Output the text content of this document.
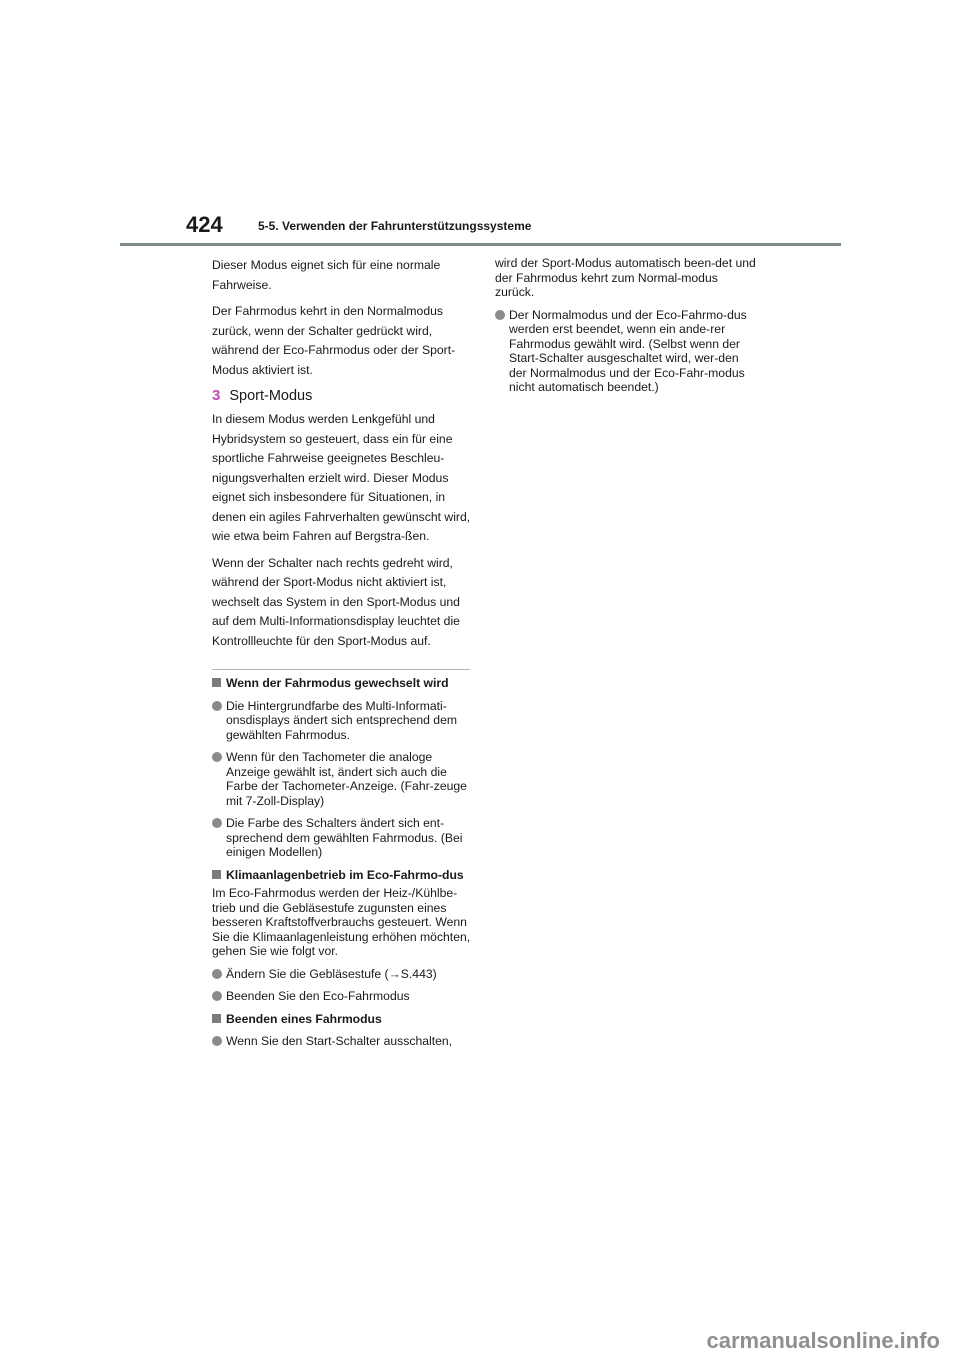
424	5-5. Verwenden der Fahrunterstützungssysteme

Dieser Modus eignet sich für eine normale Fahrweise.

Der Fahrmodus kehrt in den Normalmodus zurück, wenn der Schalter gedrückt wird, während der Eco-Fahrmodus oder der Sport-Modus aktiviert ist.

3 Sport-Modus

In diesem Modus werden Lenkgefühl und Hybridsystem so gesteuert, dass ein für eine sportliche Fahrweise geeignetes Beschleu-nigungsverhalten erzielt wird. Dieser Modus eignet sich insbesondere für Situationen, in denen ein agiles Fahrverhalten gewünscht wird, wie etwa beim Fahren auf Bergstra-ßen.

Wenn der Schalter nach rechts gedreht wird, während der Sport-Modus nicht aktiviert ist, wechselt das System in den Sport-Modus und auf dem Multi-Informationsdisplay leuchtet die Kontrollleuchte für den Sport-Modus auf.

Wenn der Fahrmodus gewechselt wird
Die Hintergrundfarbe des Multi-Informati-onsdisplays ändert sich entsprechend dem gewählten Fahrmodus.
Wenn für den Tachometer die analoge Anzeige gewählt ist, ändert sich auch die Farbe der Tachometer-Anzeige. (Fahr-zeuge mit 7-Zoll-Display)
Die Farbe des Schalters ändert sich ent-sprechend dem gewählten Fahrmodus. (Bei einigen Modellen)
Klimaanlagenbetrieb im Eco-Fahrmo-dus

Im Eco-Fahrmodus werden der Heiz-/Kühlbe-trieb und die Gebläsestufe zugunsten eines besseren Kraftstoffverbrauchs gesteuert. Wenn Sie die Klimaanlagenleistung erhöhen möchten, gehen Sie wie folgt vor.

Ändern Sie die Gebläsestufe (→S.443)
Beenden Sie den Eco-Fahrmodus
Beenden eines Fahrmodus
Wenn Sie den Start-Schalter ausschalten,

wird der Sport-Modus automatisch been-det und der Fahrmodus kehrt zum Normal-modus zurück.

Der Normalmodus und der Eco-Fahrmo-dus werden erst beendet, wenn ein ande-rer Fahrmodus gewählt wird. (Selbst wenn der Start-Schalter ausgeschaltet wird, wer-den der Normalmodus und der Eco-Fahr-modus nicht automatisch beendet.)
carmanualsonline.info
